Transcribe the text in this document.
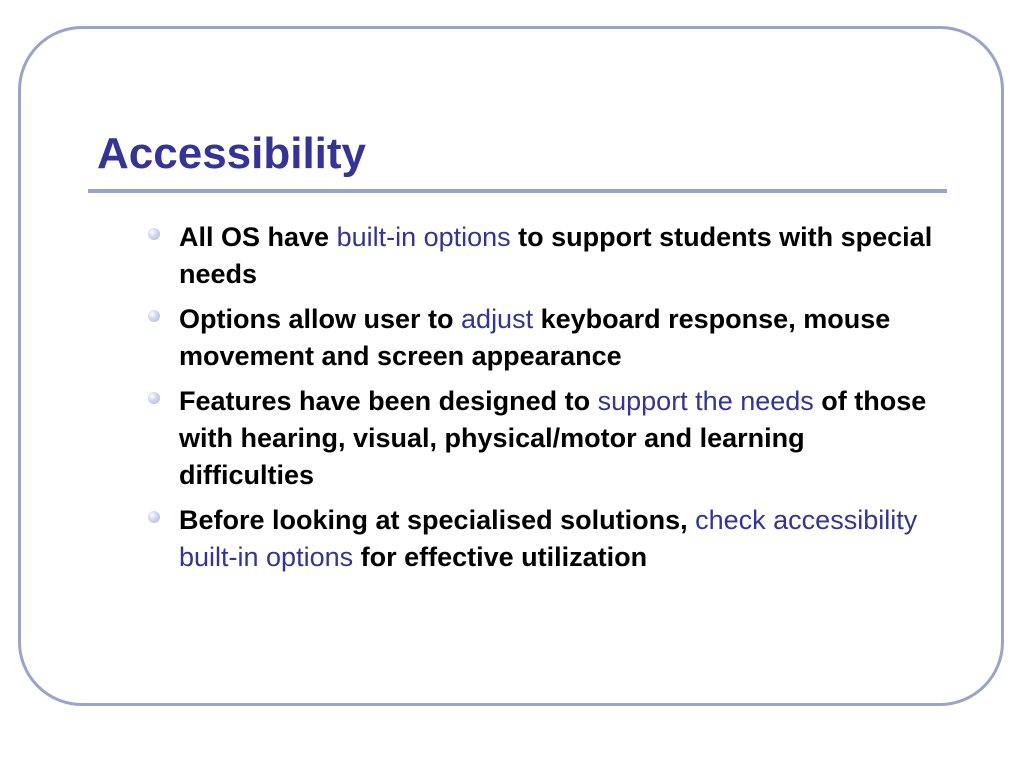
Accessibility
All OS have built-in options to support students with special needs
Options allow user to adjust keyboard response, mouse movement and screen appearance
Features have been designed to support the needs of those with hearing, visual, physical/motor and learning difficulties
Before looking at specialised solutions, check accessibility built-in options for effective utilization
